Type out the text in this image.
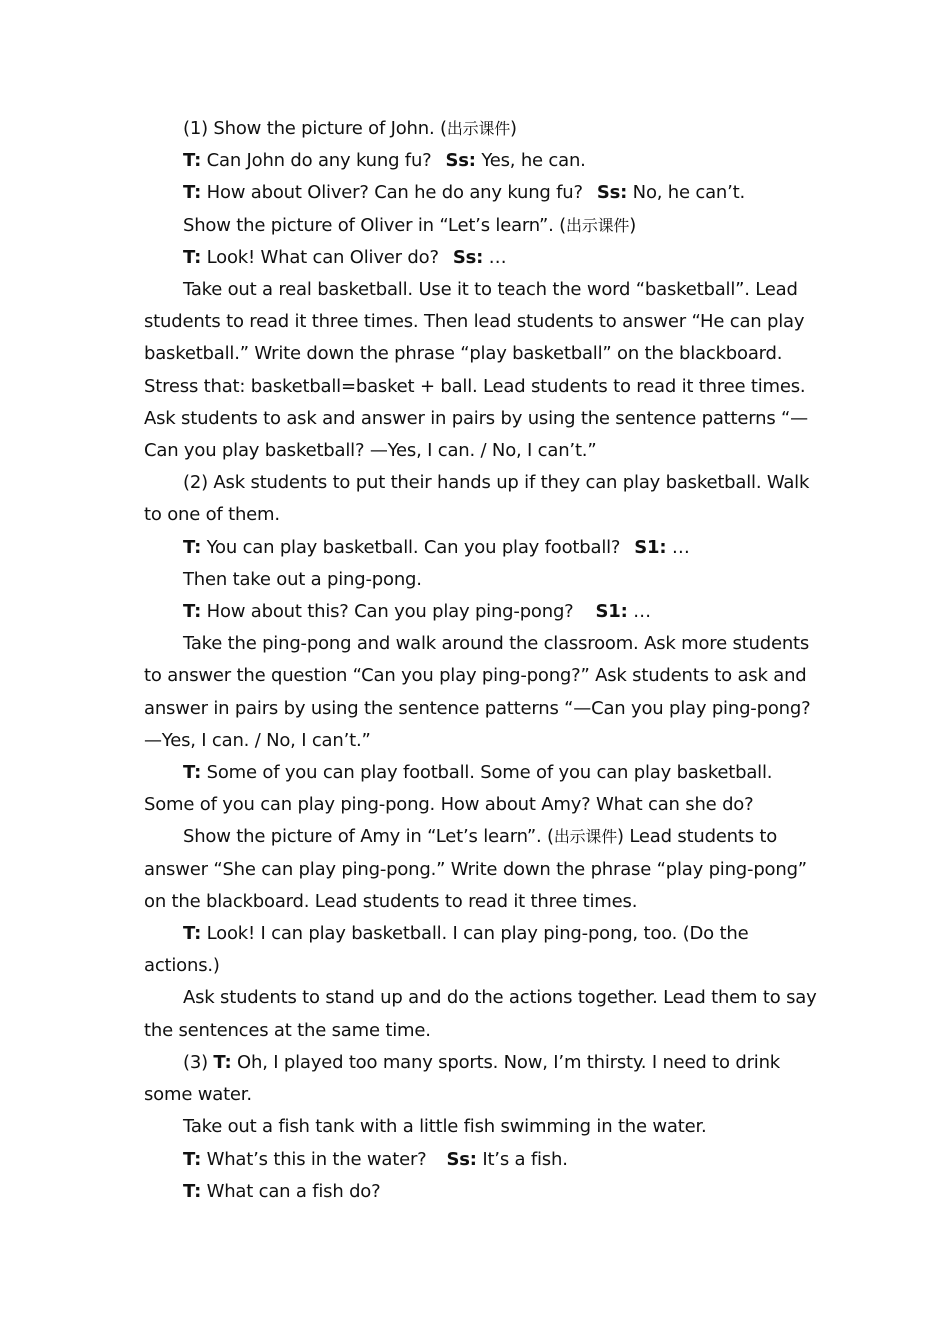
(1) Show the picture of John. (出示课件)

T: Can John do any kung fu? Ss: Yes, he can.

T: How about Oliver? Can he do any kung fu? Ss: No, he can’t.

Show the picture of Oliver in “Let’s learn”. (出示课件)

T: Look! What can Oliver do? Ss: …

Take out a real basketball. Use it to teach the word “basketball”. Lead students to read it three times. Then lead students to answer “He can play basketball.” Write down the phrase “play basketball” on the blackboard. Stress that: basketball=basket + ball. Lead students to read it three times. Ask students to ask and answer in pairs by using the sentence patterns “— Can you play basketball? —Yes, I can. / No, I can’t.”

(2) Ask students to put their hands up if they can play basketball. Walk to one of them.

T: You can play basketball. Can you play football? S1: …

Then take out a ping-pong.

T: How about this? Can you play ping-pong? S1: …

Take the ping-pong and walk around the classroom. Ask more students to answer the question “Can you play ping-pong?” Ask students to ask and answer in pairs by using the sentence patterns “—Can you play ping-pong? —Yes, I can. / No, I can’t.”

T: Some of you can play football. Some of you can play basketball. Some of you can play ping-pong. How about Amy? What can she do?

Show the picture of Amy in “Let’s learn”. (出示课件) Lead students to answer “She can play ping-pong.” Write down the phrase “play ping-pong” on the blackboard. Lead students to read it three times.

T: Look! I can play basketball. I can play ping-pong, too. (Do the actions.)

Ask students to stand up and do the actions together. Lead them to say the sentences at the same time.

(3) T: Oh, I played too many sports. Now, I’m thirsty. I need to drink some water.

Take out a fish tank with a little fish swimming in the water.

T: What’s this in the water? Ss: It’s a fish.

T: What can a fish do?
